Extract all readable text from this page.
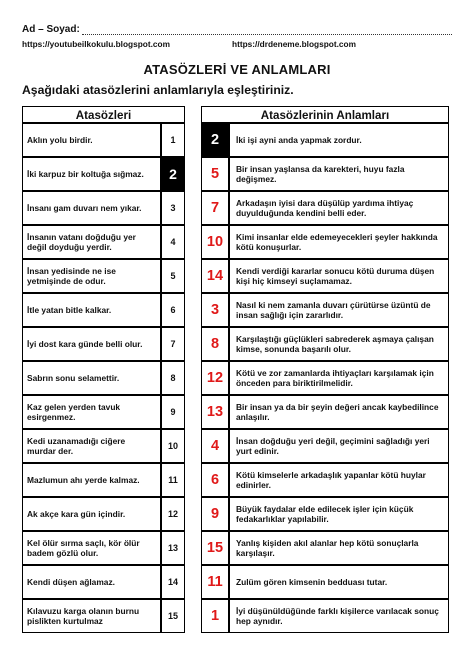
Ad – Soyad:
https://youtubeilkokulu.blogspot.com	https://drdeneme.blogspot.com
ATASÖZLERİ VE ANLAMLARI
Aşağıdaki atasözlerini anlamlarıyla eşleştiriniz.
Atasözleri	Atasözlerinin Anlamları
Aklın yolu birdir.	1 2 İki işi ayni anda yapmak zordur.
İki karpuz bir koltuğa sığmaz. 2 5 Bir insan yaşlansa da karekteri, huyu fazla değişmez.
İnsanı gam duvarı nem yıkar.	3 7 Arkadaşın iyisi dara düşülüp yardıma ihtiyaç duyulduğunda kendini belli eder.
İnsanın vatanı doğduğu yer değil doyduğu yerdir.	4 10 Kimi insanlar elde edemeyecekleri şeyler hakkında kötü konuşurlar.
İnsan yedisinde ne ise yetmişinde de odur.	5 14 Kendi verdiği kararlar sonucu kötü duruma düşen kişi hiç kimseyi suçlamamaz.
İtle yatan bitle kalkar.	6 3 Nasıl ki nem zamanla duvarı çürütürse üzüntü de insan sağlığı için zararlıdır.
İyi dost kara günde belli olur.	7 8 Karşılaştığı güçlükleri sabrederek aşmaya çalışan kimse, sonunda başarılı olur.
Sabrın sonu selamettir.	8 12 Kötü ve zor zamanlarda ihtiyaçları karşılamak için önceden para biriktirilmelidir.
Kaz gelen yerden tavuk esirgenmez.	9 13 Bir insan ya da bir şeyin değeri ancak kaybedilince anlaşılır.
Kedi uzanamadığı ciğere murdar der.	10 4 İnsan doğduğu yeri değil, geçimini sağladığı yeri yurt edinir.
Mazlumun ahı yerde kalmaz.	11 6 Kötü kimselerle arkadaşlık yapanlar kötü huylar edinirler.
Ak akçe kara gün içindir.	12 9 Büyük faydalar elde edilecek işler için küçük fedakarlıklar yapılabilir.
Kel ölür sırma saçlı, kör ölür badem gözlü olur.	13 15 Yanlış kişiden akıl alanlar hep kötü sonuçlarla karşılaşır.
Kendi düşen ağlamaz.	14 11 Zulüm gören kimsenin bedduası tutar.
Kılavuzu karga olanın burnu pislikten kurtulmaz	15 1 İyi düşünüldüğünde farklı kişilerce varılacak sonuç hep aynıdır.
